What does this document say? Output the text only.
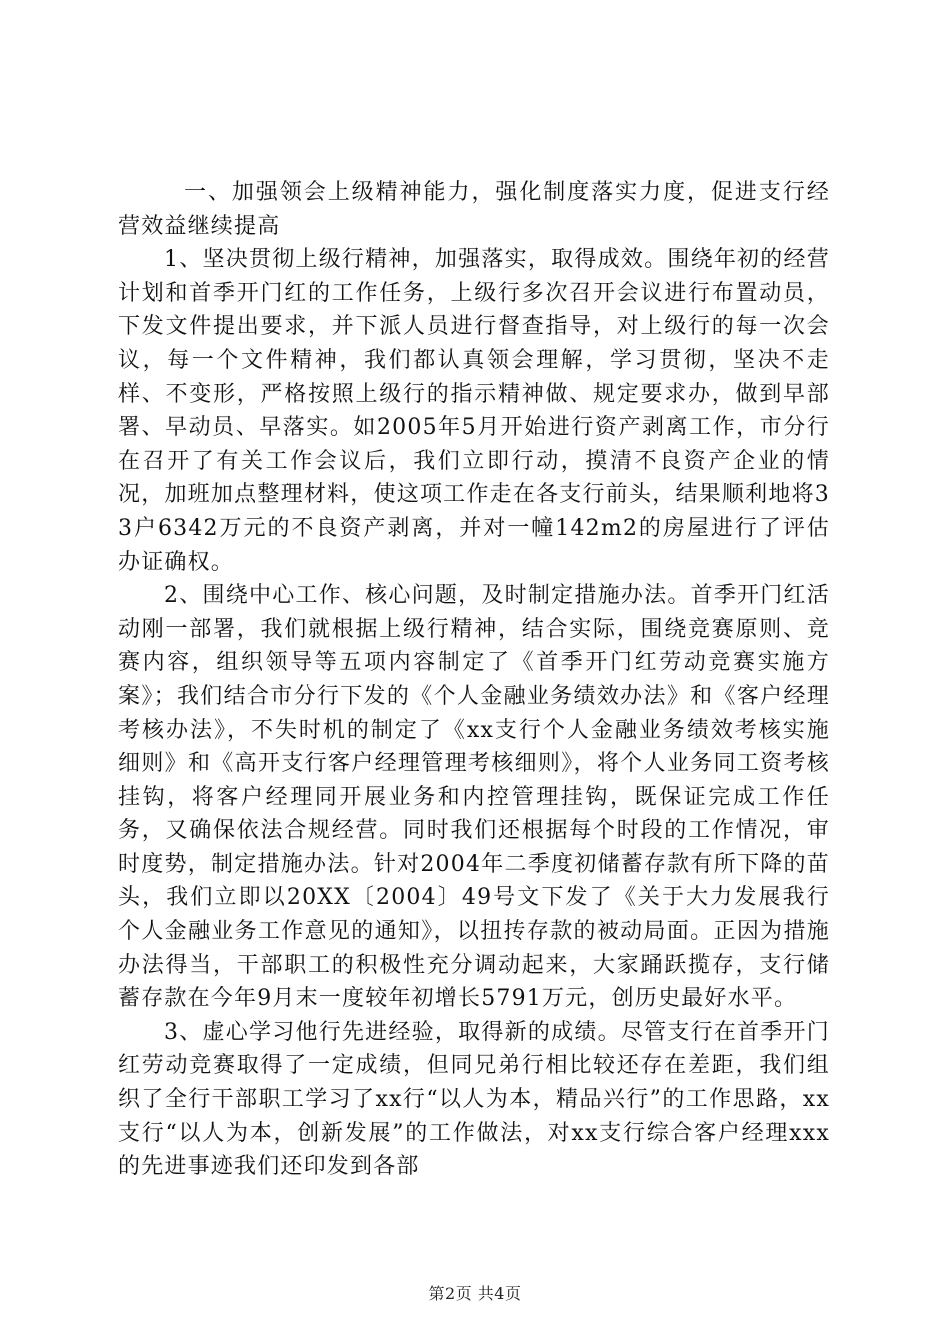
一、加强领会上级精神能力，强化制度落实力度，促进支行经营效益继续提高

1、坚决贯彻上级行精神，加强落实，取得成效。围绕年初的经营计划和首季开门红的工作任务，上级行多次召开会议进行布置动员，下发文件提出要求，并下派人员进行督查指导，对上级行的每一次会议，每一个文件精神，我们都认真领会理解，学习贯彻，坚决不走样、不变形，严格按照上级行的指示精神做、规定要求办，做到早部署、早动员、早落实。如2005年5月开始进行资产剥离工作，市分行在召开了有关工作会议后，我们立即行动，摸清不良资产企业的情况，加班加点整理材料，使这项工作走在各支行前头，结果顺利地将33户6342万元的不良资产剥离，并对一幢142m2的房屋进行了评估办证确权。

2、围绕中心工作、核心问题，及时制定措施办法。首季开门红活动刚一部署，我们就根据上级行精神，结合实际，围绕竞赛原则、竞赛内容，组织领导等五项内容制定了《首季开门红劳动竞赛实施方案》；我们结合市分行下发的《个人金融业务绩效办法》和《客户经理考核办法》，不失时机的制定了《xx支行个人金融业务绩效考核实施细则》和《高开支行客户经理管理考核细则》，将个人业务同工资考核挂钩，将客户经理同开展业务和内控管理挂钩，既保证完成工作任务，又确保依法合规经营。同时我们还根据每个时段的工作情况，审时度势，制定措施办法。针对2004年二季度初储蓄存款有所下降的苗头，我们立即以20XX〔2004〕49号文下发了《关于大力发展我行个人金融业务工作意见的通知》，以扭抟存款的被动局面。正因为措施办法得当，干部职工的积极性充分调动起来，大家踊跃揽存，支行储蓄存款在今年9月末一度较年初增长5791万元，创历史最好水平。

3、虚心学习他行先进经验，取得新的成绩。尽管支行在首季开门红劳动竞赛取得了一定成绩，但同兄弟行相比较还存在差距，我们组织了全行干部职工学习了xx行“以人为本，精品兴行”的工作思路，xx支行“以人为本，创新发展”的工作做法，对xx支行综合客户经理xxx的先进事迹我们还印发到各部

第2页 共4页
